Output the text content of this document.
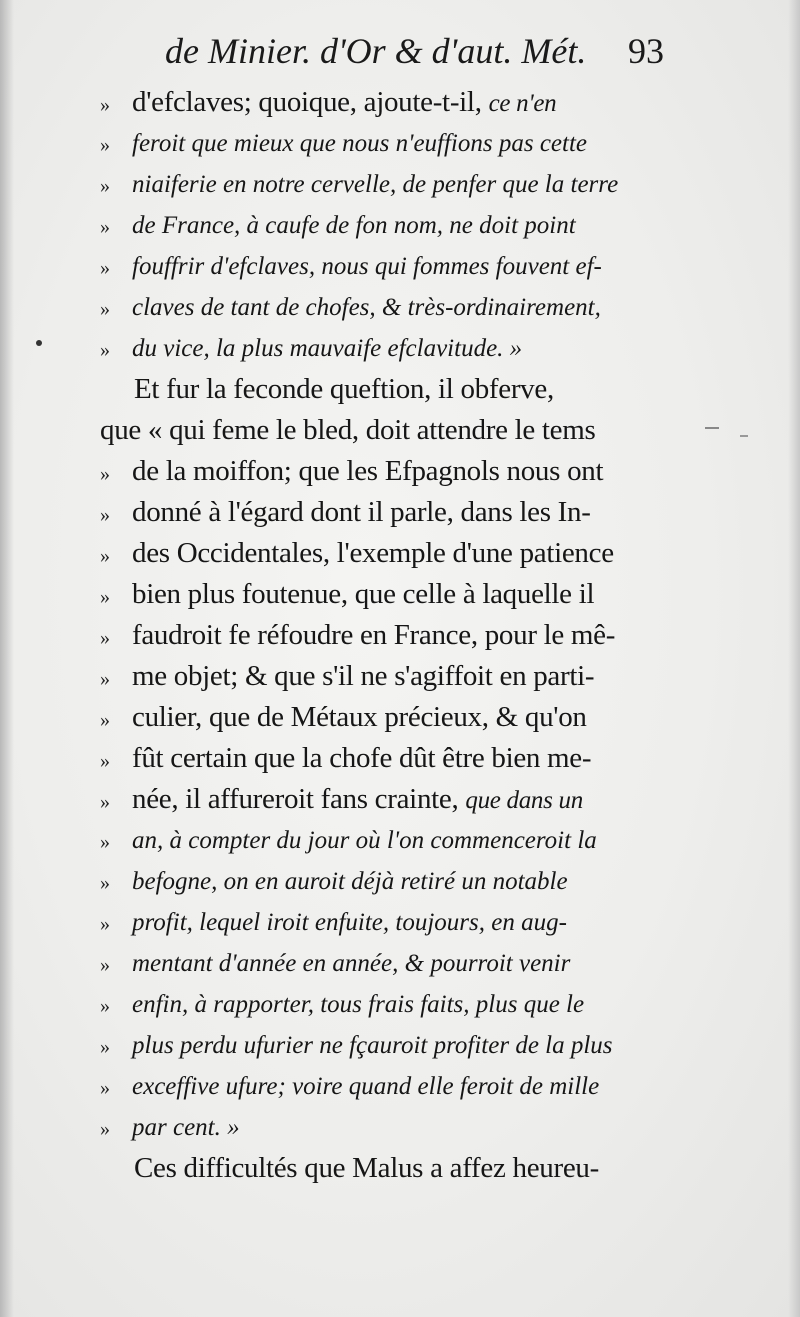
de Minier. d'Or & d'aut. Mét.	93
» d'efclaves; quoique, ajoute-t-il, ce n'en
» feroit que mieux que nous n'euffions pas cette
» niaiferie en notre cervelle, de penfer que la terre
» de France, à caufe de fon nom, ne doit point
» fouffrir d'efclaves, nous qui fommes fouvent ef-
» claves de tant de chofes, & très-ordinairement,
» du vice, la plus mauvaife efclavitude. »
Et fur la feconde queftion, il obferve,
que « qui feme le bled, doit attendre le tems
» de la moiffon; que les Efpagnols nous ont
» donné à l'égard dont il parle, dans les In-
» des Occidentales, l'exemple d'une patience
» bien plus foutenue, que celle à laquelle il
» faudroit fe réfoudre en France, pour le mê-
» me objet; & que s'il ne s'agiffoit en parti-
» culier, que de Métaux précieux, & qu'on
» fût certain que la chofe dût être bien me-
» née, il affureroit fans crainte, que dans un
» an, à compter du jour où l'on commenceroit la
» befogne, on en auroit déjà retiré un notable
» profit, lequel iroit enfuite, toujours, en aug-
» mentant d'année en année, & pourroit venir
» enfin, à rapporter, tous frais faits, plus que le
» plus perdu ufurier ne fçauroit profiter de la plus
» exceffive ufure; voire quand elle feroit de mille
» par cent. »
Ces difficultés que Malus a affez heureu-
